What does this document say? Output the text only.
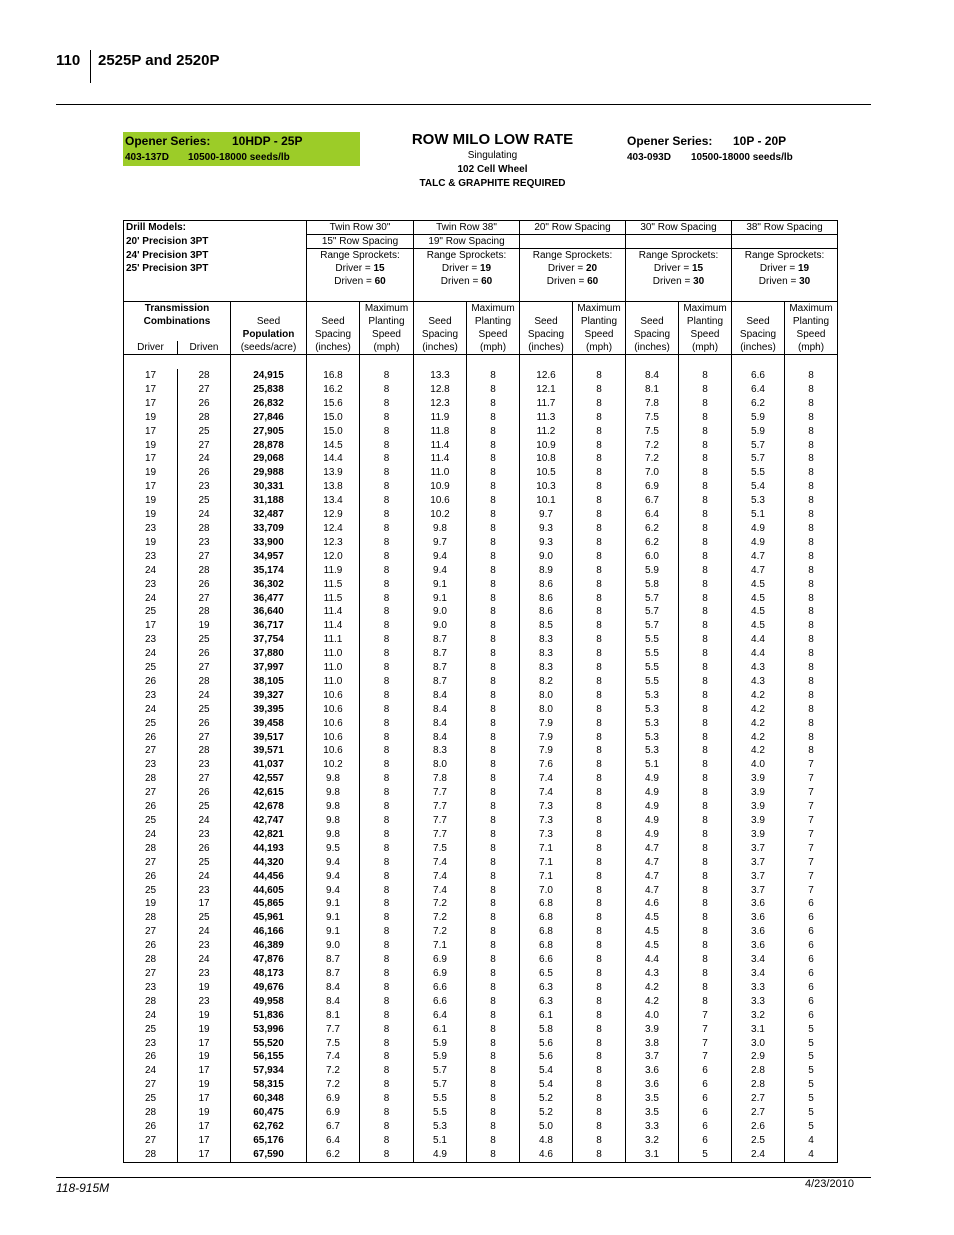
110 2525P and 2520P
Opener Series: 10HDP - 25P
403-137D 10500-18000 seeds/lb
ROW MILO LOW RATE
Singulating
102 Cell Wheel
TALC & GRAPHITE REQUIRED
Opener Series: 10P - 20P
403-093D 10500-18000 seeds/lb
Drill Models:			Twin Row 30"		Twin Row 38"		20" Row Spacing		30" Row Spacing		38" Row Spacing	
20' Precision 3PT			15" Row Spacing		19" Row Spacing							
24' Precision 3PT			Range Sprockets:		Range Sprockets:		Range Sprockets:		Range Sprockets:		Range Sprockets:	
25' Precision 3PT			Driver = 15		Driver = 19		Driver = 20		Driver = 15		Driver = 19	
			Driven = 60		Driven = 60		Driven = 60		Driven = 30		Driven = 30	

Transmission				Maximum		Maximum		Maximum		Maximum		Maximum
Combinations		Seed	Seed	Planting	Seed	Planting	Seed	Planting	Seed	Planting	Seed	Planting
		Population	Spacing	Speed	Spacing	Speed	Spacing	Speed	Spacing	Speed	Spacing	Speed
Driver	Driven	(seeds/acre)	(inches)	(mph)	(inches)	(mph)	(inches)	(mph)	(inches)	(mph)	(inches)	(mph)

17	28	24,915	16.8	8	13.3	8	12.6	8	8.4	8	6.6	8
17	27	25,838	16.2	8	12.8	8	12.1	8	8.1	8	6.4	8
17	26	26,832	15.6	8	12.3	8	11.7	8	7.8	8	6.2	8
19	28	27,846	15.0	8	11.9	8	11.3	8	7.5	8	5.9	8
17	25	27,905	15.0	8	11.8	8	11.2	8	7.5	8	5.9	8
19	27	28,878	14.5	8	11.4	8	10.9	8	7.2	8	5.7	8
17	24	29,068	14.4	8	11.4	8	10.8	8	7.2	8	5.7	8
19	26	29,988	13.9	8	11.0	8	10.5	8	7.0	8	5.5	8
17	23	30,331	13.8	8	10.9	8	10.3	8	6.9	8	5.4	8
19	25	31,188	13.4	8	10.6	8	10.1	8	6.7	8	5.3	8
19	24	32,487	12.9	8	10.2	8	9.7	8	6.4	8	5.1	8
23	28	33,709	12.4	8	9.8	8	9.3	8	6.2	8	4.9	8
19	23	33,900	12.3	8	9.7	8	9.3	8	6.2	8	4.9	8
23	27	34,957	12.0	8	9.4	8	9.0	8	6.0	8	4.7	8
24	28	35,174	11.9	8	9.4	8	8.9	8	5.9	8	4.7	8
23	26	36,302	11.5	8	9.1	8	8.6	8	5.8	8	4.5	8
24	27	36,477	11.5	8	9.1	8	8.6	8	5.7	8	4.5	8
25	28	36,640	11.4	8	9.0	8	8.6	8	5.7	8	4.5	8
17	19	36,717	11.4	8	9.0	8	8.5	8	5.7	8	4.5	8
23	25	37,754	11.1	8	8.7	8	8.3	8	5.5	8	4.4	8
24	26	37,880	11.0	8	8.7	8	8.3	8	5.5	8	4.4	8
25	27	37,997	11.0	8	8.7	8	8.3	8	5.5	8	4.3	8
26	28	38,105	11.0	8	8.7	8	8.2	8	5.5	8	4.3	8
23	24	39,327	10.6	8	8.4	8	8.0	8	5.3	8	4.2	8
24	25	39,395	10.6	8	8.4	8	8.0	8	5.3	8	4.2	8
25	26	39,458	10.6	8	8.4	8	7.9	8	5.3	8	4.2	8
26	27	39,517	10.6	8	8.4	8	7.9	8	5.3	8	4.2	8
27	28	39,571	10.6	8	8.3	8	7.9	8	5.3	8	4.2	8
23	23	41,037	10.2	8	8.0	8	7.6	8	5.1	8	4.0	7
28	27	42,557	9.8	8	7.8	8	7.4	8	4.9	8	3.9	7
27	26	42,615	9.8	8	7.7	8	7.4	8	4.9	8	3.9	7
26	25	42,678	9.8	8	7.7	8	7.3	8	4.9	8	3.9	7
25	24	42,747	9.8	8	7.7	8	7.3	8	4.9	8	3.9	7
24	23	42,821	9.8	8	7.7	8	7.3	8	4.9	8	3.9	7
28	26	44,193	9.5	8	7.5	8	7.1	8	4.7	8	3.7	7
27	25	44,320	9.4	8	7.4	8	7.1	8	4.7	8	3.7	7
26	24	44,456	9.4	8	7.4	8	7.1	8	4.7	8	3.7	7
25	23	44,605	9.4	8	7.4	8	7.0	8	4.7	8	3.7	7
19	17	45,865	9.1	8	7.2	8	6.8	8	4.6	8	3.6	6
28	25	45,961	9.1	8	7.2	8	6.8	8	4.5	8	3.6	6
27	24	46,166	9.1	8	7.2	8	6.8	8	4.5	8	3.6	6
26	23	46,389	9.0	8	7.1	8	6.8	8	4.5	8	3.6	6
28	24	47,876	8.7	8	6.9	8	6.6	8	4.4	8	3.4	6
27	23	48,173	8.7	8	6.9	8	6.5	8	4.3	8	3.4	6
23	19	49,676	8.4	8	6.6	8	6.3	8	4.2	8	3.3	6
28	23	49,958	8.4	8	6.6	8	6.3	8	4.2	8	3.3	6
24	19	51,836	8.1	8	6.4	8	6.1	8	4.0	7	3.2	6
25	19	53,996	7.7	8	6.1	8	5.8	8	3.9	7	3.1	5
23	17	55,520	7.5	8	5.9	8	5.6	8	3.8	7	3.0	5
26	19	56,155	7.4	8	5.9	8	5.6	8	3.7	7	2.9	5
24	17	57,934	7.2	8	5.7	8	5.4	8	3.6	6	2.8	5
27	19	58,315	7.2	8	5.7	8	5.4	8	3.6	6	2.8	5
25	17	60,348	6.9	8	5.5	8	5.2	8	3.5	6	2.7	5
28	19	60,475	6.9	8	5.5	8	5.2	8	3.5	6	2.7	5
26	17	62,762	6.7	8	5.3	8	5.0	8	3.3	6	2.6	5
27	17	65,176	6.4	8	5.1	8	4.8	8	3.2	6	2.5	4
28	17	67,590	6.2	8	4.9	8	4.6	8	3.1	5	2.4	4
118-915M	4/23/2010
